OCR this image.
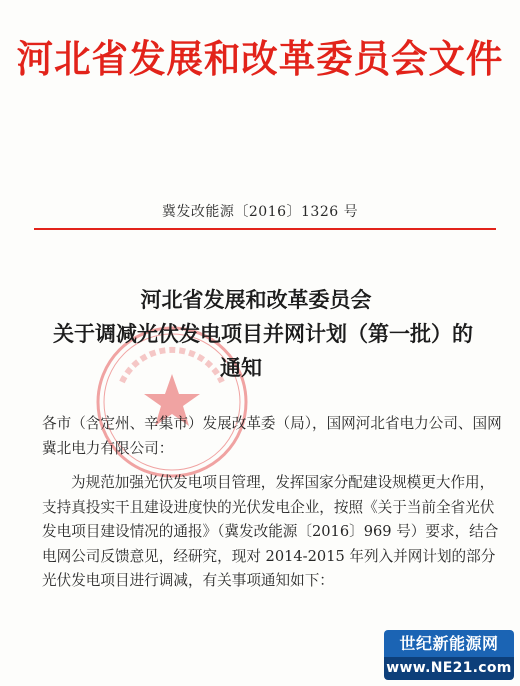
河北省发展和改革委员会文件
冀发改能源〔2016〕1326 号
河北省发展和改革委员会
关于调减光伏发电项目并网计划（第一批）的
通知

各市（含定州、辛集市）发展改革委（局），国网河北省电力公司、国网冀北电力有限公司：

为规范加强光伏发电项目管理，发挥国家分配建设规模更大作用，支持真投实干且建设进度快的光伏发电企业，按照《关于当前全省光伏发电项目建设情况的通报》（冀发改能源〔2016〕969 号）要求，结合电网公司反馈意见，经研究，现对 2014-2015 年列入并网计划的部分光伏发电项目进行调减，有关事项通知如下：

世纪新能源网
www.NE21.com
